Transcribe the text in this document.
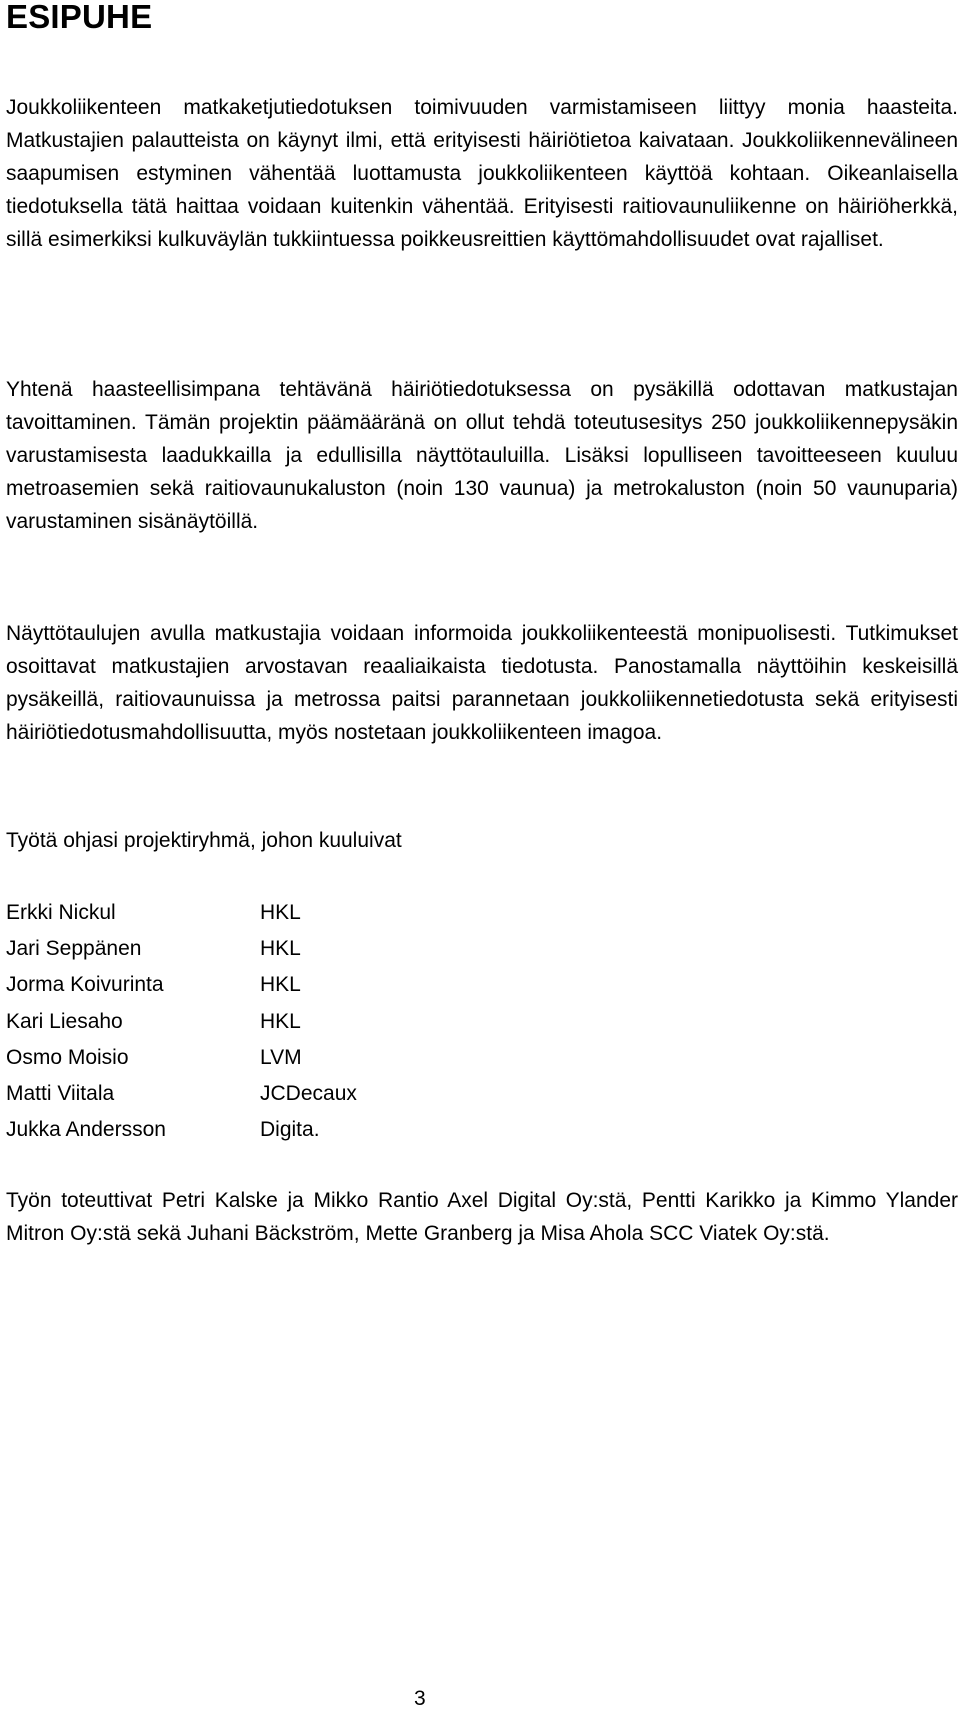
ESIPUHE

Joukkoliikenteen matkaketjutiedotuksen toimivuuden varmistamiseen liittyy monia haasteita. Matkustajien palautteista on käynyt ilmi, että erityisesti häiriötietoa kaivataan. Joukkoliikennevälineen saapumisen estyminen vähentää luottamusta joukkoliikenteen käyttöä kohtaan. Oikeanlaisella tiedotuksella tätä haittaa voidaan kuitenkin vähentää. Erityisesti raitiovaunuliikenne on häiriöherkkä, sillä esimerkiksi kulkuväylän tukkiintuessa poikkeusreittien käyttömahdollisuudet ovat rajalliset.

Yhtenä haasteellisimpana tehtävänä häiriötiedotuksessa on pysäkillä odottavan matkustajan tavoittaminen. Tämän projektin päämääränä on ollut tehdä toteutusesitys 250 joukkoliikennepysäkin varustamisesta laadukkailla ja edullisilla näyttötauluilla. Lisäksi lopulliseen tavoitteeseen kuuluu metroasemien sekä raitiovaunukaluston (noin 130 vaunua) ja metrokaluston (noin 50 vaunuparia) varustaminen sisänäytöillä.

Näyttötaulujen avulla matkustajia voidaan informoida joukkoliikenteestä monipuolisesti. Tutkimukset osoittavat matkustajien arvostavan reaaliaikaista tiedotusta. Panostamalla näyttöihin keskeisillä pysäkeillä, raitiovaunuissa ja metrossa paitsi parannetaan joukkoliikennetiedotusta sekä erityisesti häiriötiedotusmahdollisuutta, myös nostetaan joukkoliikenteen imagoa.

Työtä ohjasi projektiryhmä, johon kuuluivat

Erkki Nickul	HKL
Jari Seppänen	HKL
Jorma Koivurinta	HKL
Kari Liesaho	HKL
Osmo Moisio	LVM
Matti Viitala	JCDecaux
Jukka Andersson	Digita.

Työn toteuttivat Petri Kalske ja Mikko Rantio Axel Digital Oy:stä, Pentti Karikko ja Kimmo Ylander Mitron Oy:stä sekä Juhani Bäckström, Mette Granberg ja Misa Ahola SCC Viatek Oy:stä.

3
